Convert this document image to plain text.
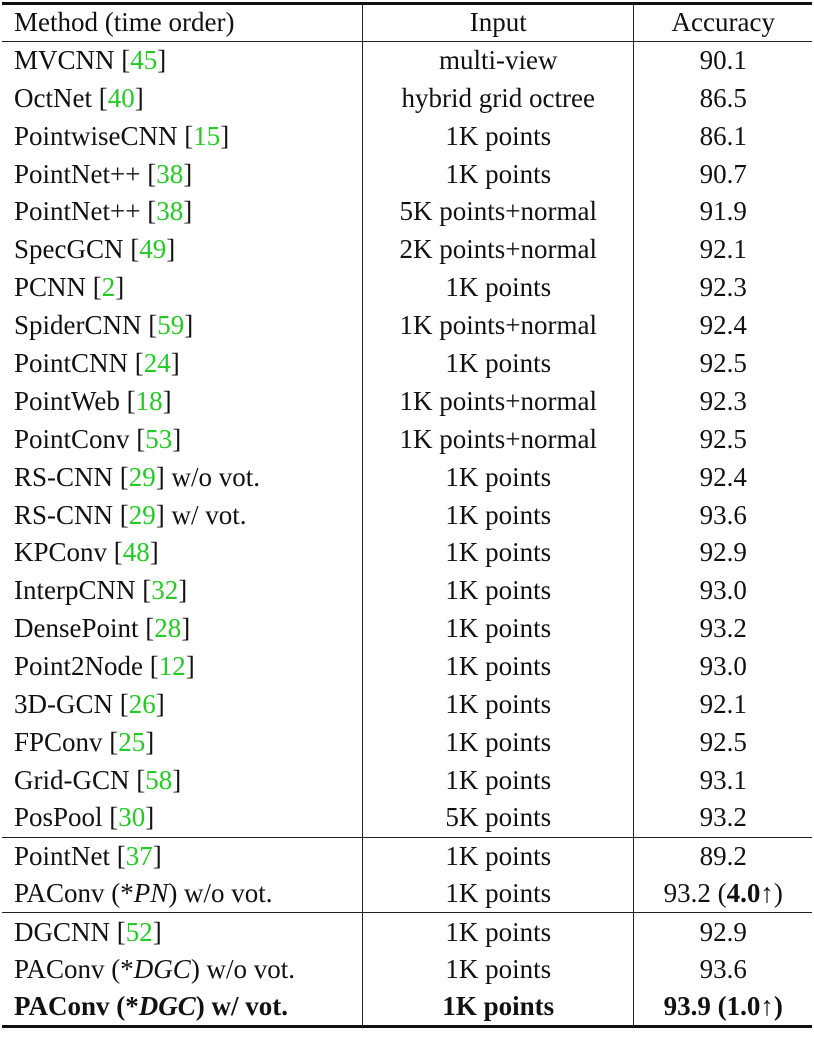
Method (time order)	Input	Accuracy
MVCNN [45]	multi-view	90.1
OctNet [40]	hybrid grid octree	86.5
PointwiseCNN [15]	1K points	86.1
PointNet++ [38]	1K points	90.7
PointNet++ [38]	5K points+normal	91.9
SpecGCN [49]	2K points+normal	92.1
PCNN [2]	1K points	92.3
SpiderCNN [59]	1K points+normal	92.4
PointCNN [24]	1K points	92.5
PointWeb [18]	1K points+normal	92.3
PointConv [53]	1K points+normal	92.5
RS-CNN [29] w/o vot.	1K points	92.4
RS-CNN [29] w/ vot.	1K points	93.6
KPConv [48]	1K points	92.9
InterpCNN [32]	1K points	93.0
DensePoint [28]	1K points	93.2
Point2Node [12]	1K points	93.0
3D-GCN [26]	1K points	92.1
FPConv [25]	1K points	92.5
Grid-GCN [58]	1K points	93.1
PosPool [30]	5K points	93.2
PointNet [37]	1K points	89.2
PAConv (*PN) w/o vot.	1K points	93.2 (4.0↑)
DGCNN [52]	1K points	92.9
PAConv (*DGC) w/o vot.	1K points	93.6
PAConv (*DGC) w/ vot.	1K points	93.9 (1.0↑)
